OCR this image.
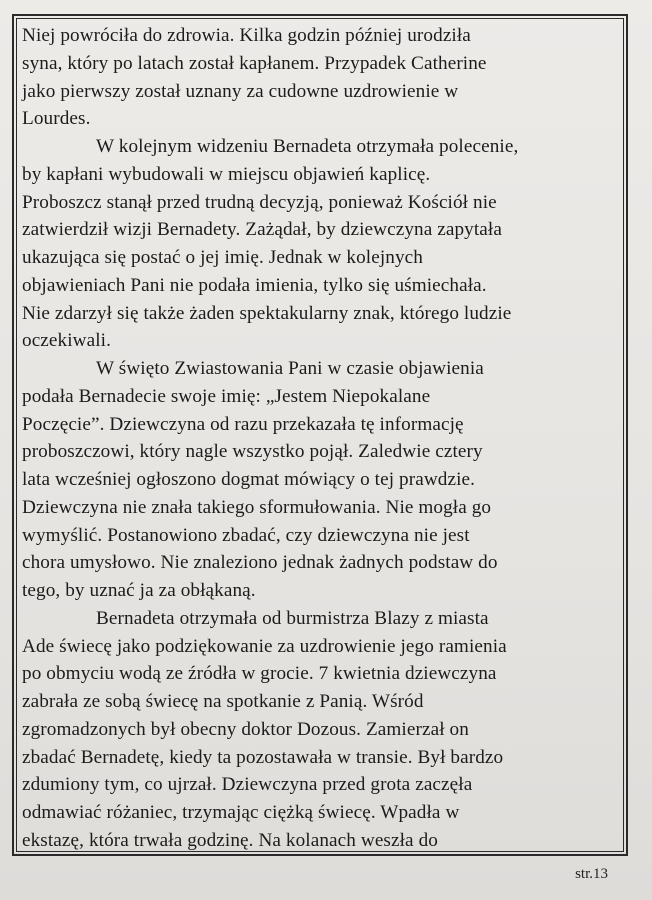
Niej powróciła do zdrowia. Kilka godzin później urodziła
syna, który po latach został kapłanem. Przypadek Catherine
jako pierwszy został uznany za cudowne uzdrowienie w
Lourdes.
W kolejnym widzeniu Bernadeta otrzymała polecenie,
by kapłani wybudowali w miejscu objawień kaplicę.
Proboszcz stanął przed trudną decyzją, ponieważ Kościół nie
zatwierdził wizji Bernadety. Zażądał, by dziewczyna zapytała
ukazująca się postać o jej imię. Jednak w kolejnych
objawieniach Pani nie podała imienia, tylko się uśmiechała.
Nie zdarzył się także żaden spektakularny znak, którego ludzie
oczekiwali.
W święto Zwiastowania Pani w czasie objawienia
podała Bernadecie swoje imię: „Jestem Niepokalane
Poczęcie”. Dziewczyna od razu przekazała tę informację
proboszczowi, który nagle wszystko pojął. Zaledwie cztery
lata wcześniej ogłoszono dogmat mówiący o tej prawdzie.
Dziewczyna nie znała takiego sformułowania. Nie mogła go
wymyślić. Postanowiono zbadać, czy dziewczyna nie jest
chora umysłowo. Nie znaleziono jednak żadnych podstaw do
tego, by uznać ja za obłąkaną.
Bernadeta otrzymała od burmistrza Blazy z miasta
Ade świecę jako podziękowanie za uzdrowienie jego ramienia
po obmyciu wodą ze źródła w grocie. 7 kwietnia dziewczyna
zabrała ze sobą świecę na spotkanie z Panią. Wśród
zgromadzonych był obecny doktor Dozous. Zamierzał on
zbadać Bernadetę, kiedy ta pozostawała w transie. Był bardzo
zdumiony tym, co ujrzał. Dziewczyna przed grota zaczęła
odmawiać różaniec, trzymając ciężką świecę. Wpadła w
ekstazę, która trwała godzinę. Na kolanach weszła do
str.13
